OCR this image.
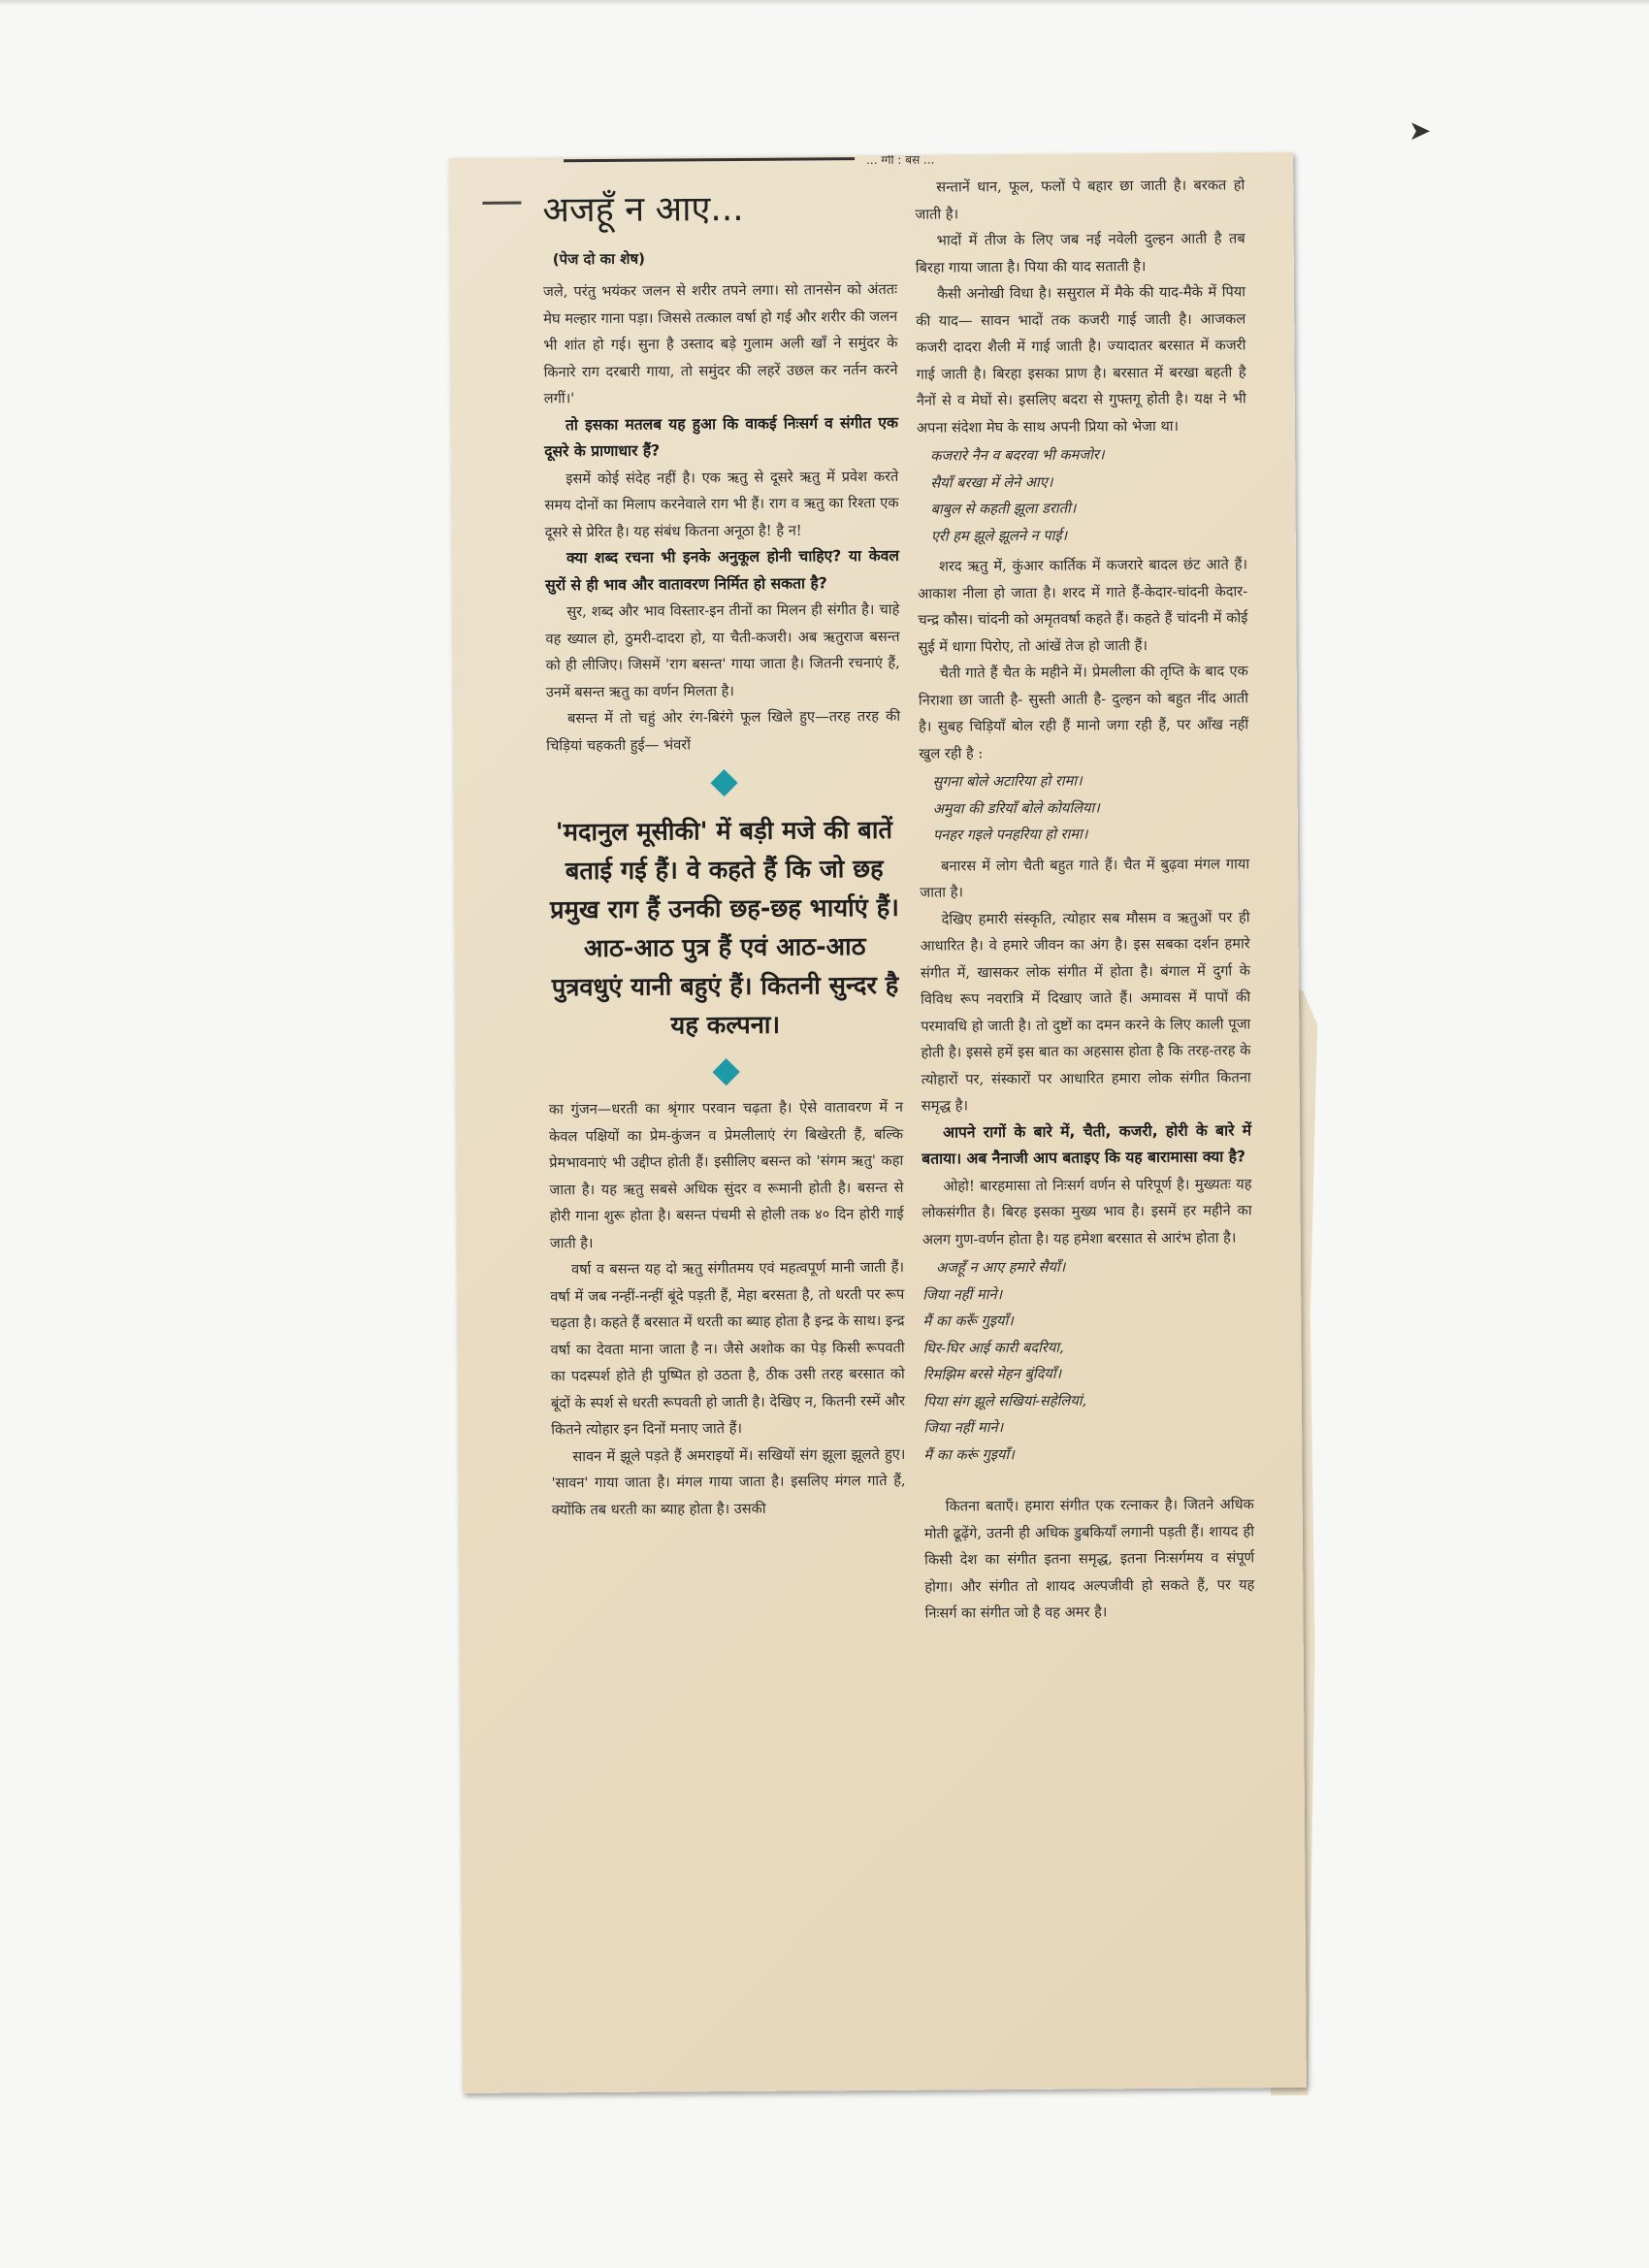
➤
... ग्गी : बस ...
अजहूँ न आए...
(पेज दो का शेष)

जले, परंतु भयंकर जलन से शरीर तपने लगा। सो तानसेन को अंततः मेघ मल्हार गाना पड़ा। जिससे तत्काल वर्षा हो गई और शरीर की जलन भी शांत हो गई। सुना है उस्ताद बड़े गुलाम अली खाँ ने समुंदर के किनारे राग दरबारी गाया, तो समुंदर की लहरें उछल कर नर्तन करने लगीं।'

तो इसका मतलब यह हुआ कि वाकई निःसर्ग व संगीत एक दूसरे के प्राणाधार हैं?

इसमें कोई संदेह नहीं है। एक ऋतु से दूसरे ऋतु में प्रवेश करते समय दोनों का मिलाप करनेवाले राग भी हैं। राग व ऋतु का रिश्ता एक दूसरे से प्रेरित है। यह संबंध कितना अनूठा है! है न!

क्या शब्द रचना भी इनके अनुकूल होनी चाहिए? या केवल सुरों से ही भाव और वातावरण निर्मित हो सकता है?

सुर, शब्द और भाव विस्तार-इन तीनों का मिलन ही संगीत है। चाहे वह ख्याल हो, ठुमरी-दादरा हो, या चैती-कजरी। अब ऋतुराज बसन्त को ही लीजिए। जिसमें 'राग बसन्त' गाया जाता है। जितनी रचनाएं हैं, उनमें बसन्त ऋतु का वर्णन मिलता है।

बसन्त में तो चहुं ओर रंग-बिरंगे फूल खिले हुए—तरह तरह की चिड़ियां चहकती हुई— भंवरों

'मदानुल मूसीकी' में बड़ी मजे की बातें बताई गई हैं। वे कहते हैं कि जो छह प्रमुख राग हैं उनकी छह-छह भार्याएं हैं। आठ-आठ पुत्र हैं एवं आठ-आठ पुत्रवधुएं यानी बहुएं हैं। कितनी सुन्दर है यह कल्पना।

का गुंजन—धरती का श्रृंगार परवान चढ़ता है। ऐसे वातावरण में न केवल पक्षियों का प्रेम-कुंजन व प्रेमलीलाएं रंग बिखेरती हैं, बल्कि प्रेमभावनाएं भी उद्दीप्त होती हैं। इसीलिए बसन्त को 'संगम ऋतु' कहा जाता है। यह ऋतु सबसे अधिक सुंदर व रूमानी होती है। बसन्त से होरी गाना शुरू होता है। बसन्त पंचमी से होली तक ४० दिन होरी गाई जाती है।

वर्षा व बसन्त यह दो ऋतु संगीतमय एवं महत्वपूर्ण मानी जाती हैं। वर्षा में जब नन्हीं-नन्हीं बूंदे पड़ती हैं, मेहा बरसता है, तो धरती पर रूप चढ़ता है। कहते हैं बरसात में धरती का ब्याह होता है इन्द्र के साथ। इन्द्र वर्षा का देवता माना जाता है न। जैसे अशोक का पेड़ किसी रूपवती का पदस्पर्श होते ही पुष्पित हो उठता है, ठीक उसी तरह बरसात को बूंदों के स्पर्श से धरती रूपवती हो जाती है। देखिए न, कितनी रस्में और कितने त्योहार इन दिनों मनाए जाते हैं।

सावन में झूले पड़ते हैं अमराइयों में। सखियों संग झूला झूलते हुए। 'सावन' गाया जाता है। मंगल गाया जाता है। इसलिए मंगल गाते हैं, क्योंकि तब धरती का ब्याह होता है। उसकी

सन्तानें धान, फूल, फलों पे बहार छा जाती है। बरकत हो जाती है।

भादों में तीज के लिए जब नई नवेली दुल्हन आती है तब बिरहा गाया जाता है। पिया की याद सताती है।

कैसी अनोखी विधा है। ससुराल में मैके की याद-मैके में पिया की याद— सावन भादों तक कजरी गाई जाती है। आजकल कजरी दादरा शैली में गाई जाती है। ज्यादातर बरसात में कजरी गाई जाती है। बिरहा इसका प्राण है। बरसात में बरखा बहती है नैनों से व मेघों से। इसलिए बदरा से गुफ्तगू होती है। यक्ष ने भी अपना संदेशा मेघ के साथ अपनी प्रिया को भेजा था।

कजरारे नैन व बदरवा भी कमजोर।
सैयाँ बरखा में लेने आए।
बाबुल से कहती झूला डराती।
एरी हम झूले झूलने न पाई।

शरद ऋतु में, कुंआर कार्तिक में कजरारे बादल छंट आते हैं। आकाश नीला हो जाता है। शरद में गाते हैं-केदार-चांदनी केदार-चन्द्र कौस। चांदनी को अमृतवर्षा कहते हैं। कहते हैं चांदनी में कोई सुई में धागा पिरोए, तो आंखें तेज हो जाती हैं।

चैती गाते हैं चैत के महीने में। प्रेमलीला की तृप्ति के बाद एक निराशा छा जाती है- सुस्ती आती है- दुल्हन को बहुत नींद आती है। सुबह चिड़ियाँ बोल रही हैं मानो जगा रही हैं, पर आँख नहीं खुल रही है :

सुगना बोले अटारिया हो रामा।
अमुवा की डरियाँ बोले कोयलिया।
पनहर गइले पनहरिया हो रामा।

बनारस में लोग चैती बहुत गाते हैं। चैत में बुढ़वा मंगल गाया जाता है।

देखिए हमारी संस्कृति, त्योहार सब मौसम व ऋतुओं पर ही आधारित है। वे हमारे जीवन का अंग है। इस सबका दर्शन हमारे संगीत में, खासकर लोक संगीत में होता है। बंगाल में दुर्गा के विविध रूप नवरात्रि में दिखाए जाते हैं। अमावस में पापों की परमावधि हो जाती है। तो दुष्टों का दमन करने के लिए काली पूजा होती है। इससे हमें इस बात का अहसास होता है कि तरह-तरह के त्योहारों पर, संस्कारों पर आधारित हमारा लोक संगीत कितना समृद्ध है।

आपने रागों के बारे में, चैती, कजरी, होरी के बारे में बताया। अब नैनाजी आप बताइए कि यह बारामासा क्या है?

ओहो! बारहमासा तो निःसर्ग वर्णन से परिपूर्ण है। मुख्यतः यह लोकसंगीत है। बिरह इसका मुख्य भाव है। इसमें हर महीने का अलग गुण-वर्णन होता है। यह हमेशा बरसात से आरंभ होता है।

अजहूँ न आए हमारे सैयाँ।
जिया नहीं माने।
मैं का करूँ गुइयाँ।
घिर-घिर आई कारी बदरिया,
रिमझिम बरसे मेहन बुंदियाँ।
पिया संग झूले सखियां-सहेलियां,
जिया नहीं माने।
मैं का करूं गुइयाँ।

कितना बताएँ। हमारा संगीत एक रत्नाकर है। जितने अधिक मोती ढूढ़ेंगे, उतनी ही अधिक डुबकियाँ लगानी पड़ती हैं। शायद ही किसी देश का संगीत इतना समृद्ध, इतना निःसर्गमय व संपूर्ण होगा। और संगीत तो शायद अल्पजीवी हो सकते हैं, पर यह निःसर्ग का संगीत जो है वह अमर है।
